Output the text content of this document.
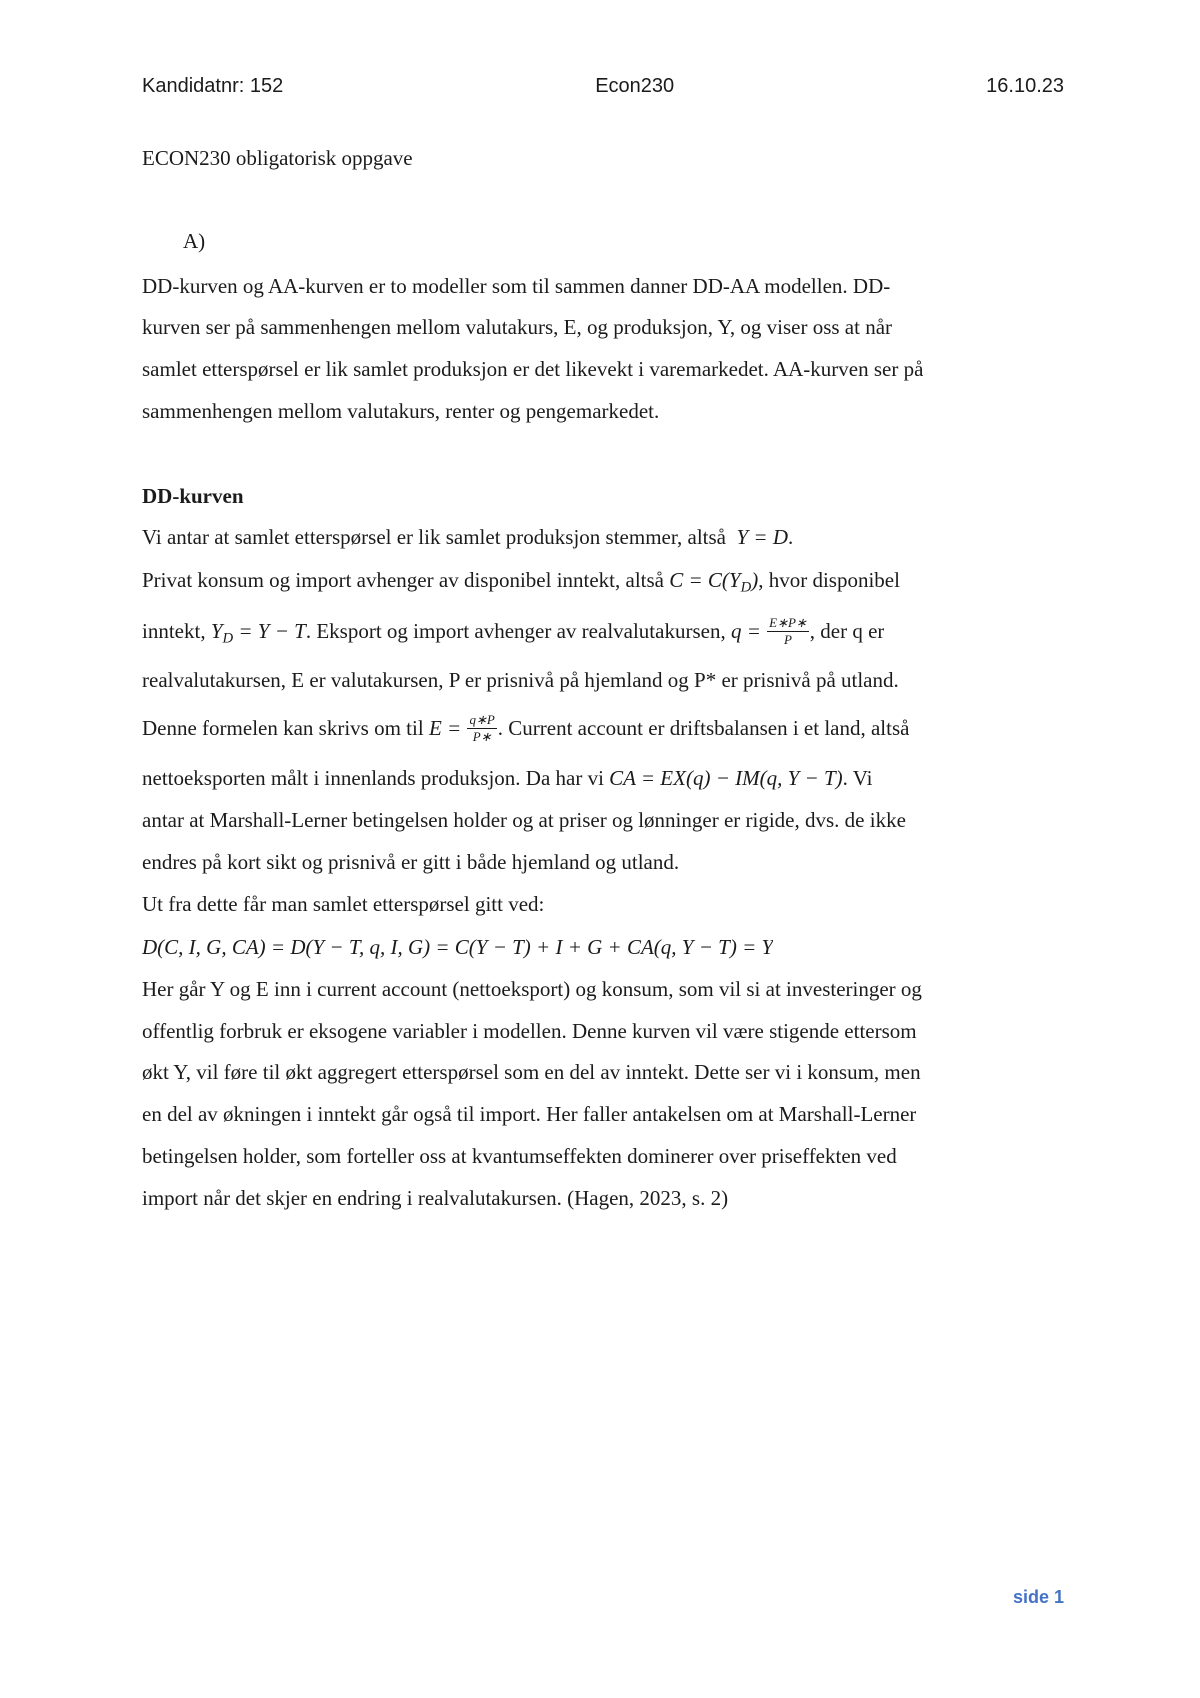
Kandidatnr: 152	Econ230	16.10.23
ECON230 obligatorisk oppgave
A)
DD-kurven og AA-kurven er to modeller som til sammen danner DD-AA modellen. DD-
kurven ser på sammenhengen mellom valutakurs, E, og produksjon, Y, og viser oss at når
samlet etterspørsel er lik samlet produksjon er det likevekt i varemarkedet. AA-kurven ser på
sammenhengen mellom valutakurs, renter og pengemarkedet.
DD-kurven
Vi antar at samlet etterspørsel er lik samlet produksjon stemmer, altså  Y = D.
Privat konsum og import avhenger av disponibel inntekt, altså $C = C(Y_D)$, hvor disponibel
inntekt, $Y_D = Y - T$. Eksport og import avhenger av realvalutakursen, $q = \frac{E∗P∗}{P}$ , der q er
realvalutakursen, E er valutakursen, P er prisnivå på hjemland og P* er prisnivå på utland.
Denne formelen kan skrivs om til $E = \frac{q∗P}{P∗}$ . Current account er driftsbalansen i et land, altså
nettoeksporten målt i innenlands produksjon. Da har vi CA = EX(q) − IM(q, Y − T). Vi
antar at Marshall-Lerner betingelsen holder og at priser og lønninger er rigide, dvs. de ikke
endres på kort sikt og prisnivå er gitt i både hjemland og utland.
Ut fra dette får man samlet etterspørsel gitt ved:
D(C, I, G, CA) = D(Y − T, q, I, G) = C(Y − T) + I + G + CA(q, Y − T) = Y
Her går Y og E inn i current account (nettoeksport) og konsum, som vil si at investeringer og
offentlig forbruk er eksogene variabler i modellen. Denne kurven vil være stigende ettersom
økt Y, vil føre til økt aggregert etterspørsel som en del av inntekt. Dette ser vi i konsum, men
en del av økningen i inntekt går også til import. Her faller antakelsen om at Marshall-Lerner
betingelsen holder, som forteller oss at kvantumseffekten dominerer over priseffekten ved
import når det skjer en endring i realvalutakursen. (Hagen, 2023, s. 2)
side 1
